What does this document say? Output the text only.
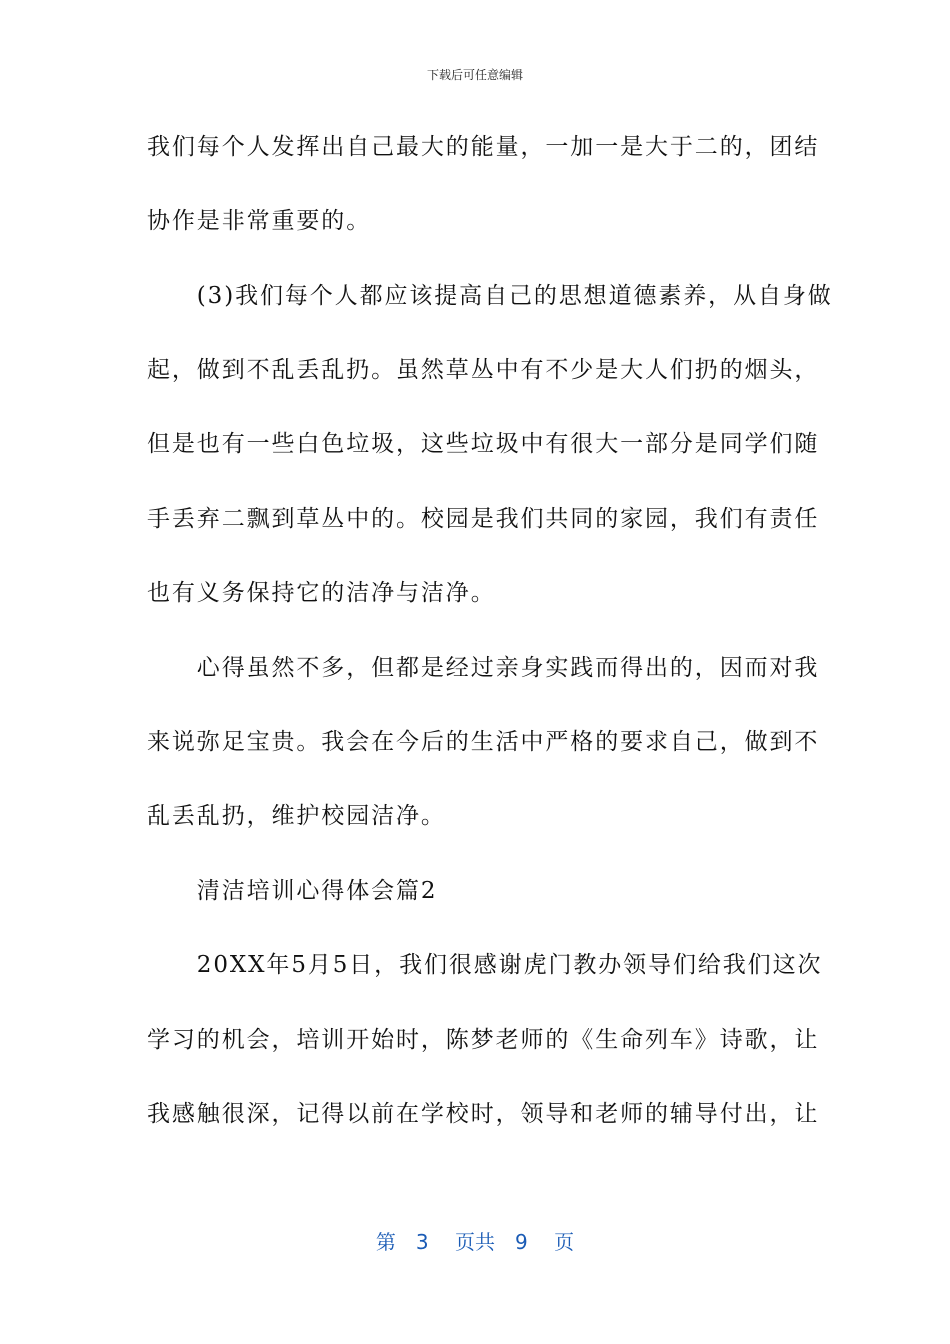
下载后可任意编辑
我们每个人发挥出自己最大的能量，一加一是大于二的，团结
协作是非常重要的。
　　(3)我们每个人都应该提高自己的思想道德素养，从自身做
起，做到不乱丢乱扔。虽然草丛中有不少是大人们扔的烟头，
但是也有一些白色垃圾，这些垃圾中有很大一部分是同学们随
手丢弃二飘到草丛中的。校园是我们共同的家园，我们有责任
也有义务保持它的洁净与洁净。
　　心得虽然不多，但都是经过亲身实践而得出的，因而对我
来说弥足宝贵。我会在今后的生活中严格的要求自己，做到不
乱丢乱扔，维护校园洁净。
　　清洁培训心得体会篇2
　　20XX年5月5日，我们很感谢虎门教办领导们给我们这次
学习的机会，培训开始时，陈梦老师的《生命列车》诗歌，让
我感触很深，记得以前在学校时，领导和老师的辅导付出，让
第　3　 页共　9　 页
